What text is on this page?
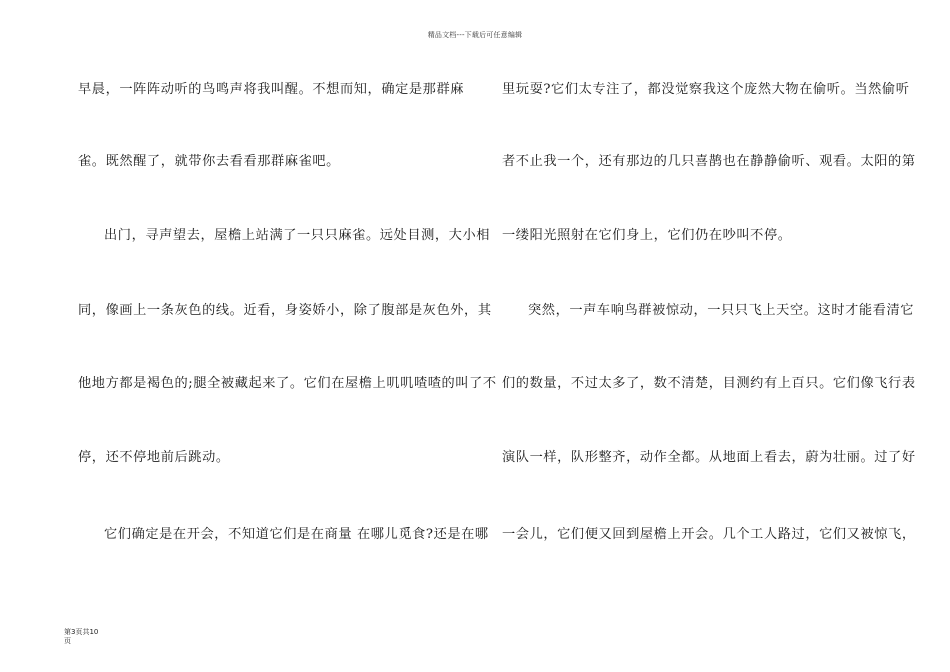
精品文档---下载后可任意编辑
早晨，一阵阵动听的鸟鸣声将我叫醒。不想而知，确定是那群麻
雀。既然醒了，就带你去看看那群麻雀吧。
出门，寻声望去，屋檐上站满了一只只麻雀。远处目测，大小相
同，像画上一条灰色的线。近看，身姿娇小，除了腹部是灰色外，其
他地方都是褐色的;腿全被藏起来了。它们在屋檐上叽叽喳喳的叫了不
停，还不停地前后跳动。
它们确定是在开会，不知道它们是在商量 在哪儿觅食?还是在哪
里玩耍?它们太专注了，都没觉察我这个庞然大物在偷听。当然偷听
者不止我一个，还有那边的几只喜鹊也在静静偷听、观看。太阳的第
一缕阳光照射在它们身上，它们仍在吵叫不停。
突然，一声车响鸟群被惊动，一只只飞上天空。这时才能看清它
们的数量，不过太多了，数不清楚，目测约有上百只。它们像飞行表
演队一样，队形整齐，动作全都。从地面上看去，蔚为壮丽。过了好
一会儿，它们便又回到屋檐上开会。几个工人路过，它们又被惊飞，
第3页共10
页
